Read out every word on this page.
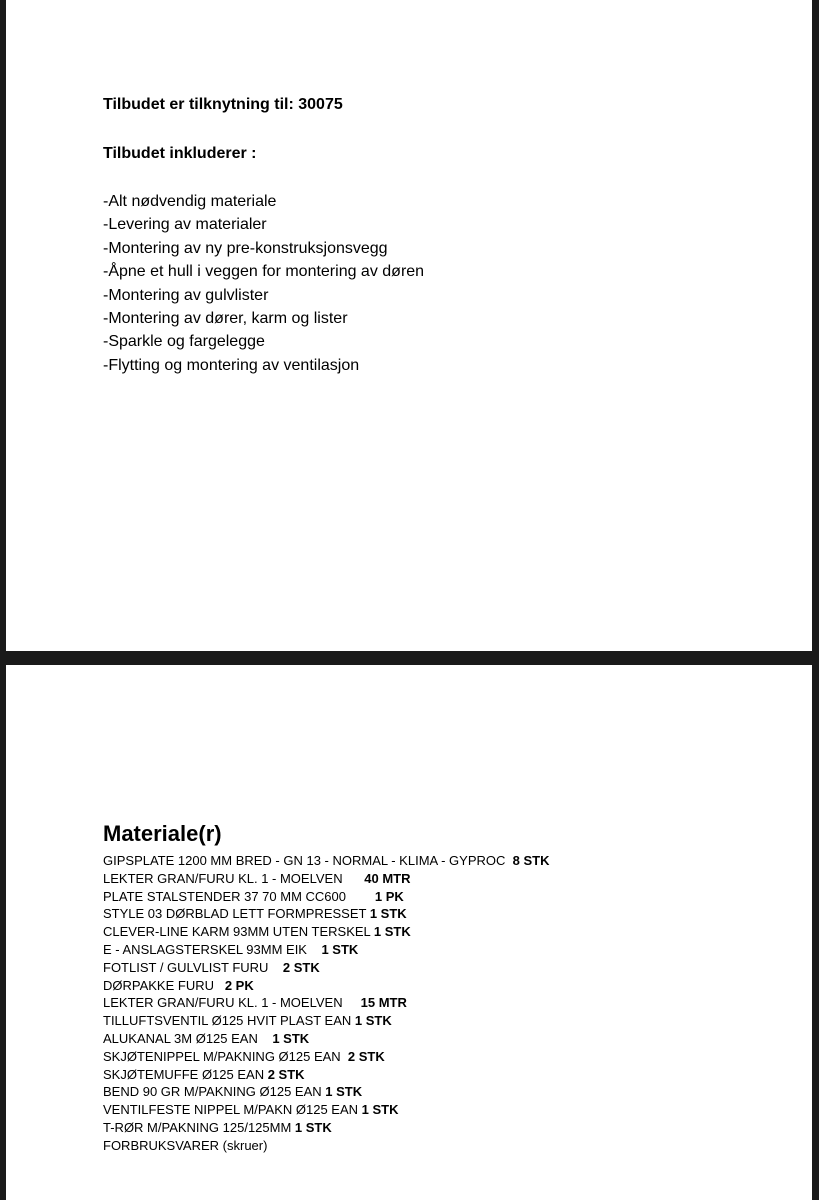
Tilbudet er tilknytning til: 30075

Tilbudet inkluderer :

-Alt nødvendig materiale
-Levering av materialer
-Montering av ny pre-konstruksjonsvegg
-Åpne et hull i veggen for montering av døren
-Montering av gulvlister
-Montering av dører, karm og lister
-Sparkle og fargelegge
-Flytting og montering av ventilasjon
Materiale(r)
GIPSPLATE 1200 MM BRED - GN 13 - NORMAL - KLIMA - GYPROC  8 STK
LEKTER GRAN/FURU KL. 1 - MOELVEN      40 MTR
PLATE STALSTENDER 37 70 MM CC600        1 PK
STYLE 03 DØRBLAD LETT FORMPRESSET 1 STK
CLEVER-LINE KARM 93MM UTEN TERSKEL 1 STK
E - ANSLAGSTERSKEL 93MM EIK    1 STK
FOTLIST / GULVLIST FURU    2 STK
DØRPAKKE FURU   2 PK
LEKTER GRAN/FURU KL. 1 - MOELVEN     15 MTR
TILLUFTSVENTIL Ø125 HVIT PLAST EAN 1 STK
ALUKANAL 3M Ø125 EAN    1 STK
SKJØTENIPPEL M/PAKNING Ø125 EAN  2 STK
SKJØTEMUFFE Ø125 EAN 2 STK
BEND 90 GR M/PAKNING Ø125 EAN 1 STK
VENTILFESTE NIPPEL M/PAKN Ø125 EAN 1 STK
T-RØR M/PAKNING 125/125MM 1 STK
FORBRUKSVARER (skruer)
